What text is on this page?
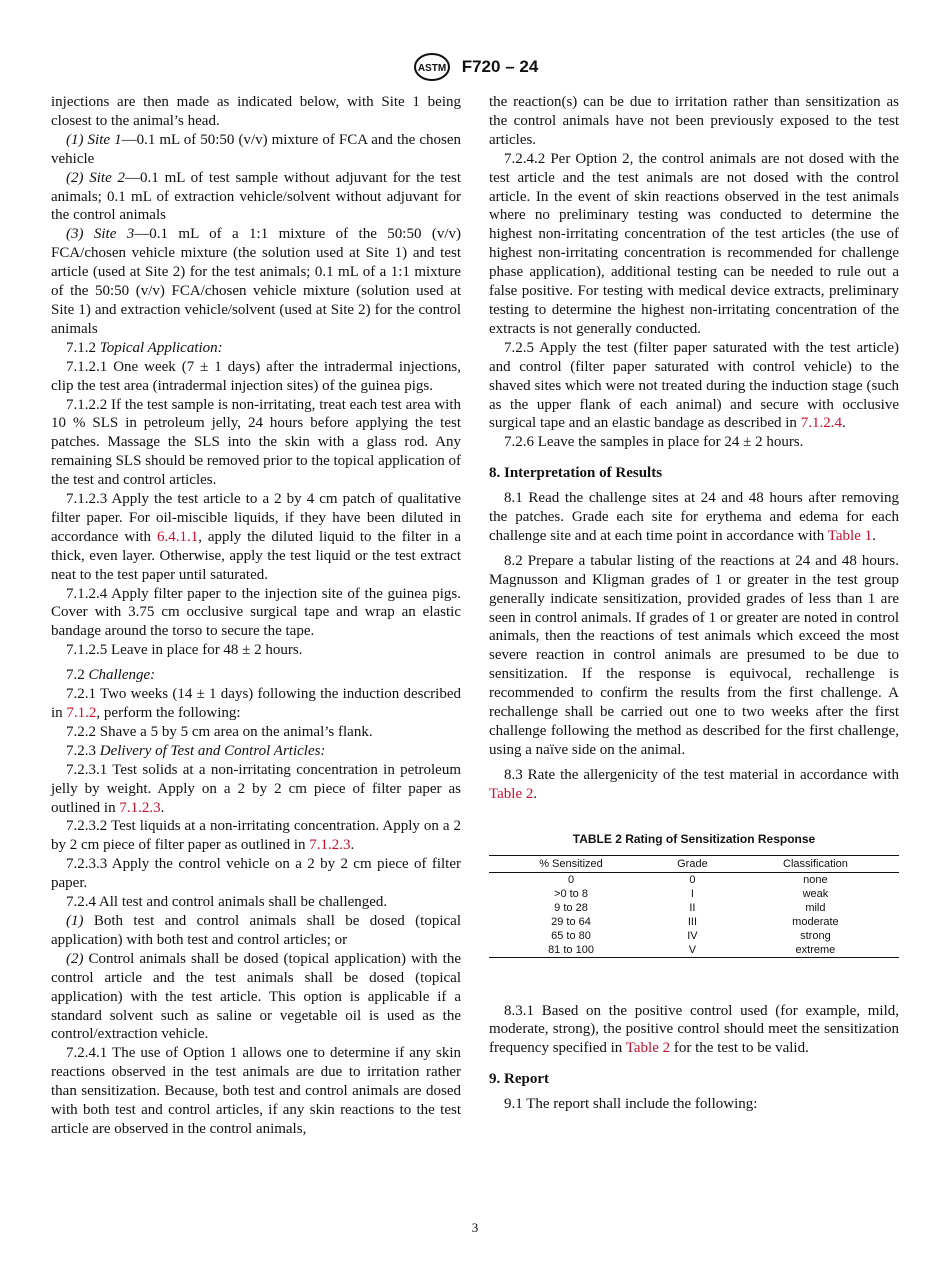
ASTM F720 – 24

injections are then made as indicated below, with Site 1 being closest to the animal’s head.

(1) Site 1—0.1 mL of 50:50 (v/v) mixture of FCA and the chosen vehicle

(2) Site 2—0.1 mL of test sample without adjuvant for the test animals; 0.1 mL of extraction vehicle/solvent without adjuvant for the control animals

(3) Site 3—0.1 mL of a 1:1 mixture of the 50:50 (v/v) FCA/chosen vehicle mixture (the solution used at Site 1) and test article (used at Site 2) for the test animals; 0.1 mL of a 1:1 mixture of the 50:50 (v/v) FCA/chosen vehicle mixture (solution used at Site 1) and extraction vehicle/solvent (used at Site 2) for the control animals

7.1.2 Topical Application:

7.1.2.1 One week (7 ± 1 days) after the intradermal injections, clip the test area (intradermal injection sites) of the guinea pigs.

7.1.2.2 If the test sample is non-irritating, treat each test area with 10 % SLS in petroleum jelly, 24 hours before applying the test patches. Massage the SLS into the skin with a glass rod. Any remaining SLS should be removed prior to the topical application of the test and control articles.

7.1.2.3 Apply the test article to a 2 by 4 cm patch of qualitative filter paper. For oil-miscible liquids, if they have been diluted in accordance with 6.4.1.1, apply the diluted liquid to the filter in a thick, even layer. Otherwise, apply the test liquid or the test extract neat to the test paper until saturated.

7.1.2.4 Apply filter paper to the injection site of the guinea pigs. Cover with 3.75 cm occlusive surgical tape and wrap an elastic bandage around the torso to secure the tape.

7.1.2.5 Leave in place for 48 ± 2 hours.

7.2 Challenge:

7.2.1 Two weeks (14 ± 1 days) following the induction described in 7.1.2, perform the following:

7.2.2 Shave a 5 by 5 cm area on the animal’s flank.

7.2.3 Delivery of Test and Control Articles:

7.2.3.1 Test solids at a non-irritating concentration in petroleum jelly by weight. Apply on a 2 by 2 cm piece of filter paper as outlined in 7.1.2.3.

7.2.3.2 Test liquids at a non-irritating concentration. Apply on a 2 by 2 cm piece of filter paper as outlined in 7.1.2.3.

7.2.3.3 Apply the control vehicle on a 2 by 2 cm piece of filter paper.

7.2.4 All test and control animals shall be challenged.

(1) Both test and control animals shall be dosed (topical application) with both test and control articles; or

(2) Control animals shall be dosed (topical application) with the control article and the test animals shall be dosed (topical application) with the test article. This option is applicable if a standard solvent such as saline or vegetable oil is used as the control/extraction vehicle.

7.2.4.1 The use of Option 1 allows one to determine if any skin reactions observed in the test animals are due to irritation rather than sensitization. Because, both test and control animals are dosed with both test and control articles, if any skin reactions to the test article are observed in the control animals,

the reaction(s) can be due to irritation rather than sensitization as the control animals have not been previously exposed to the test articles.

7.2.4.2 Per Option 2, the control animals are not dosed with the test article and the test animals are not dosed with the control article. In the event of skin reactions observed in the test animals where no preliminary testing was conducted to determine the highest non-irritating concentration of the test articles (the use of highest non-irritating concentration is recommended for challenge phase application), additional testing can be needed to rule out a false positive. For testing with medical device extracts, preliminary testing to determine the highest non-irritating concentration of the extracts is not generally conducted.

7.2.5 Apply the test (filter paper saturated with the test article) and control (filter paper saturated with control vehicle) to the shaved sites which were not treated during the induction stage (such as the upper flank of each animal) and secure with occlusive surgical tape and an elastic bandage as described in 7.1.2.4.

7.2.6 Leave the samples in place for 24 ± 2 hours.

8. Interpretation of Results

8.1 Read the challenge sites at 24 and 48 hours after removing the patches. Grade each site for erythema and edema for each challenge site and at each time point in accordance with Table 1.

8.2 Prepare a tabular listing of the reactions at 24 and 48 hours. Magnusson and Kligman grades of 1 or greater in the test group generally indicate sensitization, provided grades of less than 1 are seen in control animals. If grades of 1 or greater are noted in control animals, then the reactions of test animals which exceed the most severe reaction in control animals are presumed to be due to sensitization. If the response is equivocal, rechallenge is recommended to confirm the results from the first challenge. A rechallenge shall be carried out one to two weeks after the first challenge following the method as described for the first challenge, using a naïve side on the animal.

8.3 Rate the allergenicity of the test material in accordance with Table 2.

TABLE 2 Rating of Sensitization Response

% Sensitized	Grade	Classification
0	0	none
>0 to 8	I	weak
9 to 28	II	mild
29 to 64	III	moderate
65 to 80	IV	strong
81 to 100	V	extreme

8.3.1 Based on the positive control used (for example, mild, moderate, strong), the positive control should meet the sensitization frequency specified in Table 2 for the test to be valid.

9. Report

9.1 The report shall include the following:

3
